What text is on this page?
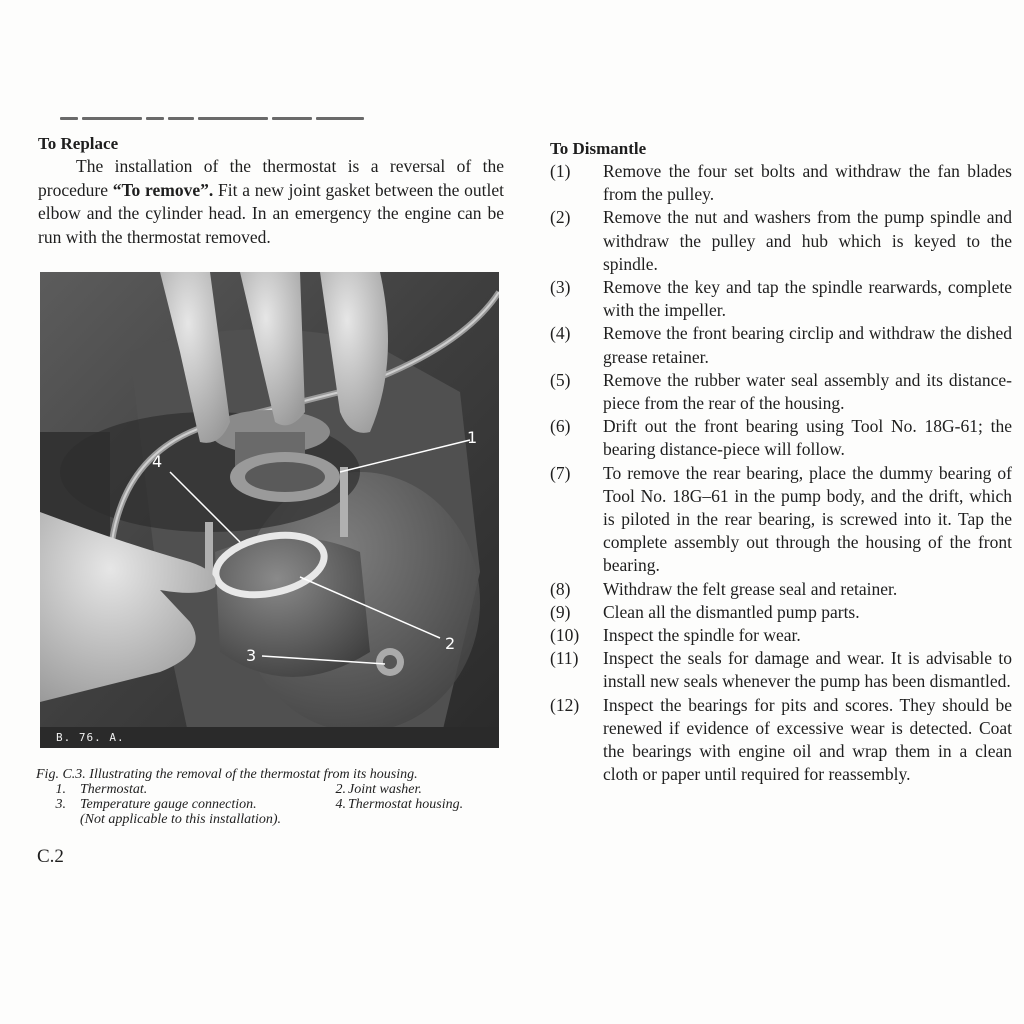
To Replace

The installation of the thermostat is a reversal of the procedure “To remove”. Fit a new joint gasket between the outlet elbow and the cylinder head. In an emergency the engine can be run with the thermostat removed.

1
2
3
4
B. 76. A.
Fig. C.3. Illustrating the removal of the thermostat from its housing.
1. Thermostat.	2. Joint washer.
3. Temperature gauge connection.	4. Thermostat housing.
(Not applicable to this installation).
C.2
To Dismantle
(1)	Remove the four set bolts and withdraw the fan blades from the pulley.
(2)	Remove the nut and washers from the pump spindle and withdraw the pulley and hub which is keyed to the spindle.
(3)	Remove the key and tap the spindle rearwards, complete with the impeller.
(4)	Remove the front bearing circlip and withdraw the dished grease retainer.
(5)	Remove the rubber water seal assembly and its distance-piece from the rear of the housing.
(6)	Drift out the front bearing using Tool No. 18G-61; the bearing distance-piece will follow.
(7)	To remove the rear bearing, place the dummy bearing of Tool No. 18G–61 in the pump body, and the drift, which is piloted in the rear bearing, is screwed into it. Tap the complete assembly out through the housing of the front bearing.
(8)	Withdraw the felt grease seal and retainer.
(9)	Clean all the dismantled pump parts.
(10)	Inspect the spindle for wear.
(11)	Inspect the seals for damage and wear. It is advisable to install new seals whenever the pump has been dismantled.
(12)	Inspect the bearings for pits and scores. They should be renewed if evidence of excessive wear is detected. Coat the bearings with engine oil and wrap them in a clean cloth or paper until required for reassembly.
